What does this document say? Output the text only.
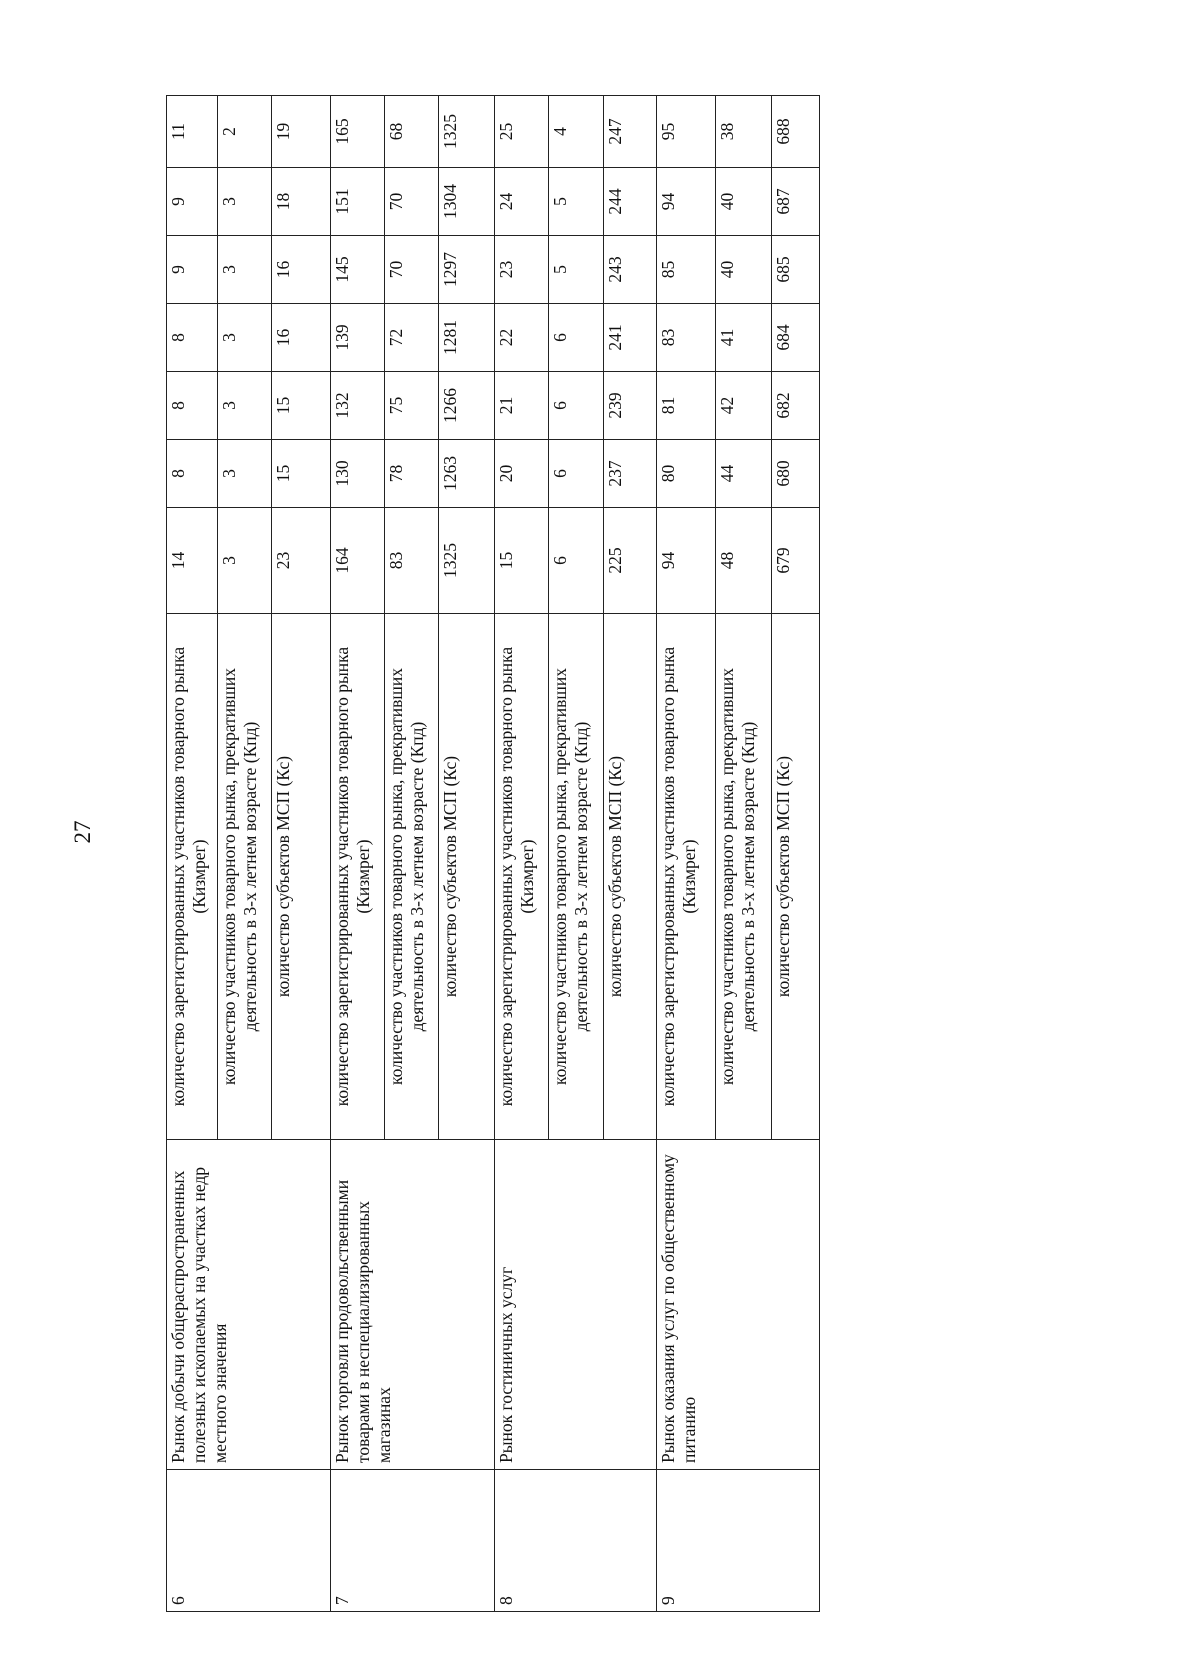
27
6	Рынок добычи общераспространенных полезных ископаемых на участках недр местного значения	количество зарегистрированных участников товарного рынка (Кизмрег)	14	8	8	8	9	9	11
		количество участников товарного рынка, прекративших деятельность в 3-х летнем возрасте (Кпд)	3	3	3	3	3	3	2
		количество субъектов МСП (Кс)	23	15	15	16	16	18	19
7	Рынок торговли продовольственными товарами в неспециализированных магазинах	количество зарегистрированных участников товарного рынка (Кизмрег)	164	130	132	139	145	151	165
		количество участников товарного рынка, прекративших деятельность в 3-х летнем возрасте (Кпд)	83	78	75	72	70	70	68
		количество субъектов МСП (Кс)	1325	1263	1266	1281	1297	1304	1325
8	Рынок гостиничных услуг	количество зарегистрированных участников товарного рынка (Кизмрег)	15	20	21	22	23	24	25
		количество участников товарного рынка, прекративших деятельность в 3-х летнем возрасте (Кпд)	6	6	6	6	5	5	4
		количество субъектов МСП (Кс)	225	237	239	241	243	244	247
9	Рынок оказания услуг по общественному питанию	количество зарегистрированных участников товарного рынка (Кизмрег)	94	80	81	83	85	94	95
		количество участников товарного рынка, прекративших деятельность в 3-х летнем возрасте (Кпд)	48	44	42	41	40	40	38
		количество субъектов МСП (Кс)	679	680	682	684	685	687	688
